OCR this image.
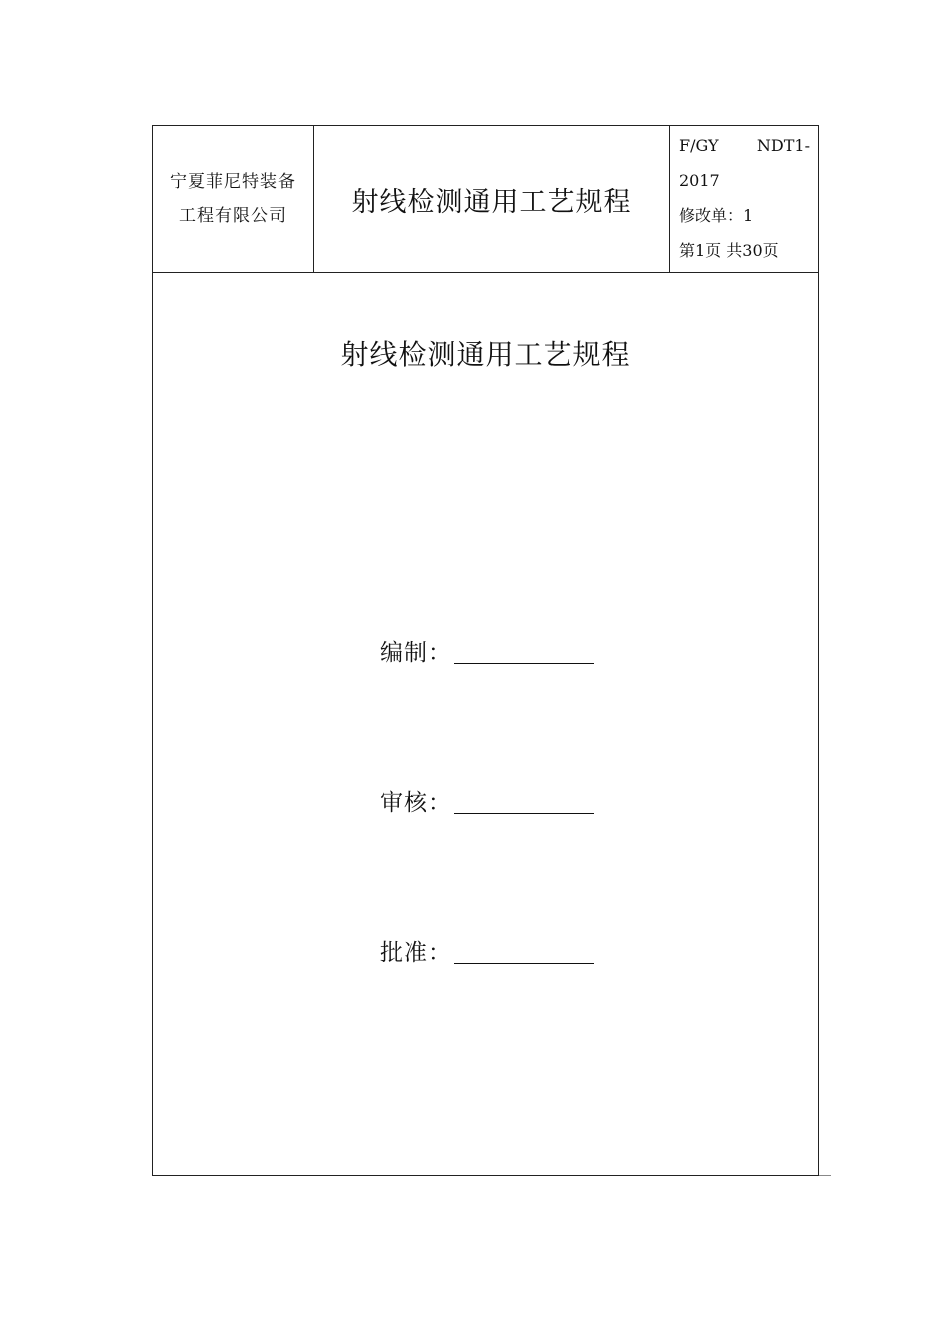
宁夏菲尼特装备
工程有限公司	射线检测通用工艺规程
F/GY NDT1-
2017
修改单：1
第1页 共30页
射线检测通用工艺规程
编制：
审核：
批准：
